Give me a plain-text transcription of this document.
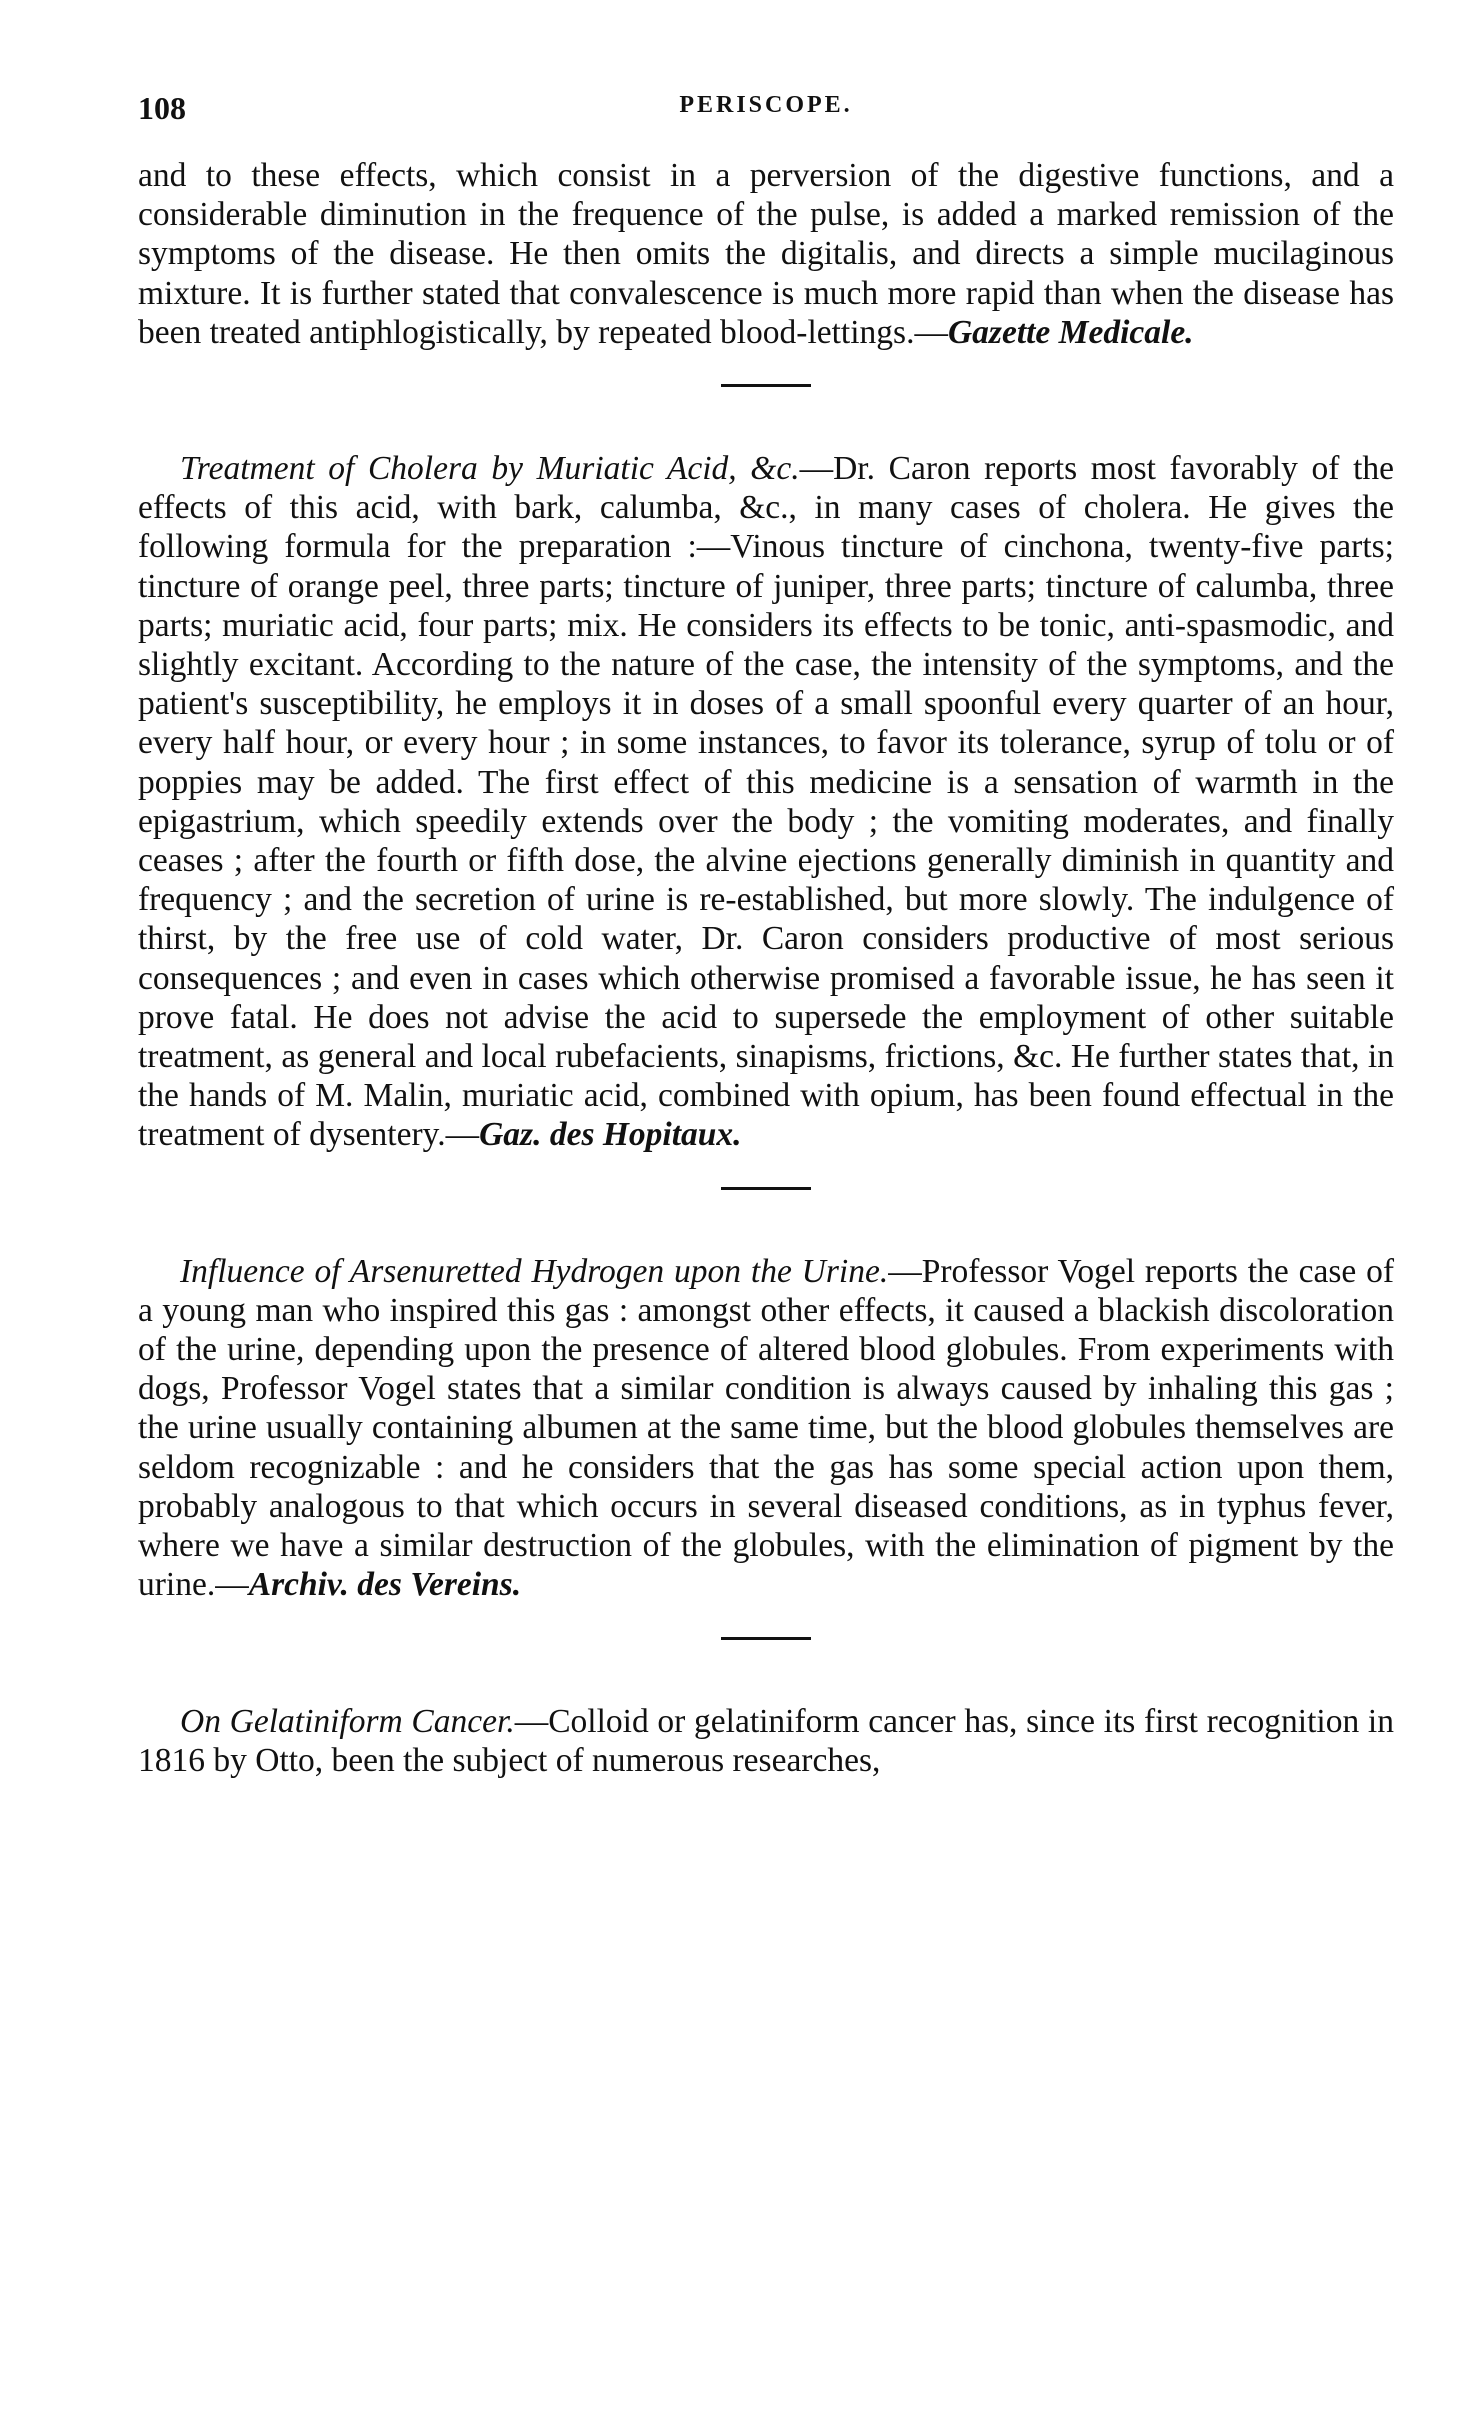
108	PERISCOPE.

and to these effects, which consist in a perversion of the digestive functions, and a considerable diminution in the frequence of the pulse, is added a marked remission of the symptoms of the disease. He then omits the digitalis, and directs a simple mucilaginous mixture. It is further stated that convalescence is much more rapid than when the disease has been treated antiphlogistically, by repeated blood-lettings.—Gazette Medicale.

Treatment of Cholera by Muriatic Acid, &c.—Dr. Caron reports most favorably of the effects of this acid, with bark, calumba, &c., in many cases of cholera. He gives the following formula for the preparation :—Vinous tincture of cinchona, twenty-five parts; tincture of orange peel, three parts; tincture of juniper, three parts; tincture of calumba, three parts; muriatic acid, four parts; mix. He considers its effects to be tonic, anti-spasmodic, and slightly excitant. According to the nature of the case, the intensity of the symptoms, and the patient's susceptibility, he employs it in doses of a small spoonful every quarter of an hour, every half hour, or every hour ; in some instances, to favor its tolerance, syrup of tolu or of poppies may be added. The first effect of this medicine is a sensation of warmth in the epigastrium, which speedily extends over the body ; the vomiting moderates, and finally ceases ; after the fourth or fifth dose, the alvine ejections generally diminish in quantity and frequency ; and the secretion of urine is re-established, but more slowly. The indulgence of thirst, by the free use of cold water, Dr. Caron considers productive of most serious consequences ; and even in cases which otherwise promised a favorable issue, he has seen it prove fatal. He does not advise the acid to supersede the employment of other suitable treatment, as general and local rubefacients, sinapisms, frictions, &c. He further states that, in the hands of M. Malin, muriatic acid, combined with opium, has been found effectual in the treatment of dysentery.—Gaz. des Hopitaux.

Influence of Arsenuretted Hydrogen upon the Urine.—Professor Vogel reports the case of a young man who inspired this gas : amongst other effects, it caused a blackish discoloration of the urine, depending upon the presence of altered blood globules. From experiments with dogs, Professor Vogel states that a similar condition is always caused by inhaling this gas ; the urine usually containing albumen at the same time, but the blood globules themselves are seldom recognizable : and he considers that the gas has some special action upon them, probably analogous to that which occurs in several diseased conditions, as in typhus fever, where we have a similar destruction of the globules, with the elimination of pigment by the urine.—Archiv. des Vereins.

On Gelatiniform Cancer.—Colloid or gelatiniform cancer has, since its first recognition in 1816 by Otto, been the subject of numerous researches,
